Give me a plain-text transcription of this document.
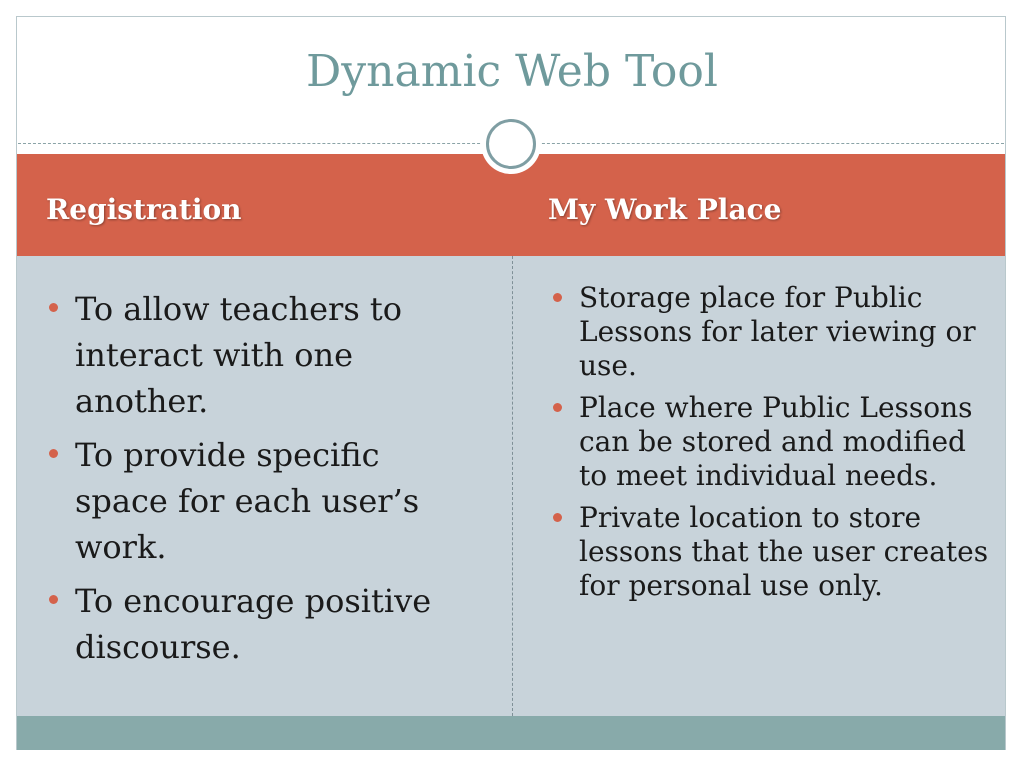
Dynamic Web Tool
Registration	My Work Place
To allow teachers to interact with one another.
To provide specific space for each user’s work.
To encourage positive discourse.
Storage place for Public Lessons for later viewing or use.
Place where Public Lessons can be stored and modified to meet individual needs.
Private location to store lessons that the user creates for personal use only.
